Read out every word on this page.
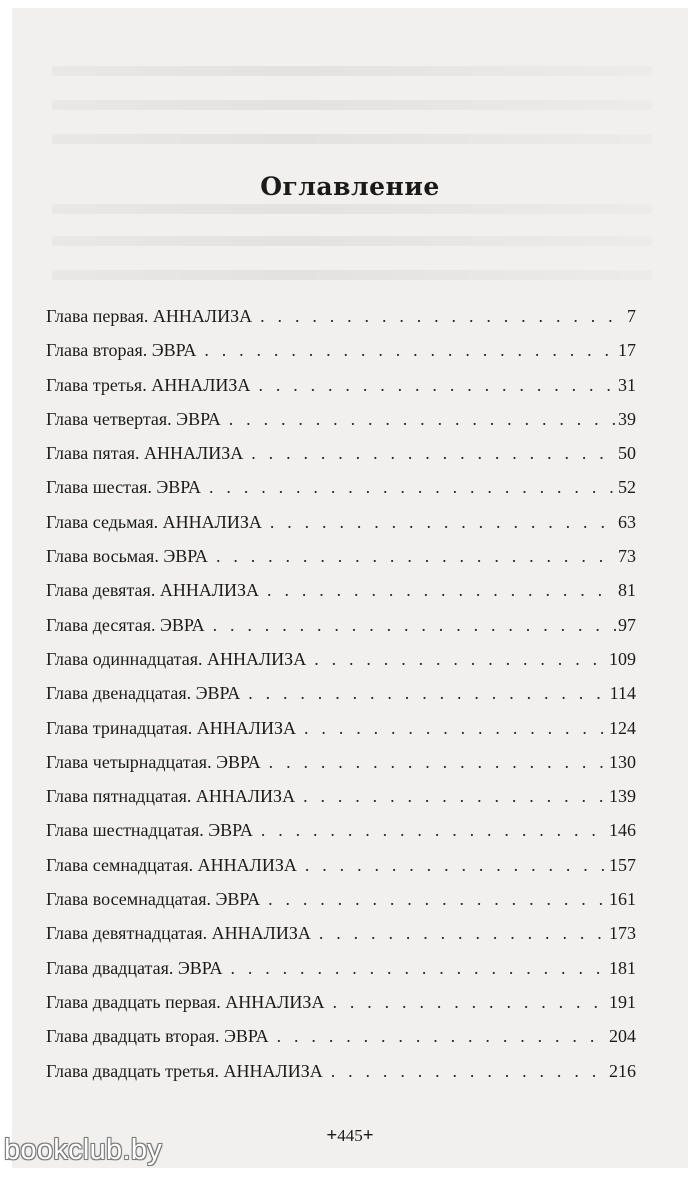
Оглавление
Глава первая. АННАЛИЗА . . .	7
Глава вторая. ЭВРА . . .	17
Глава третья. АННАЛИЗА . . .	31
Глава четвертая. ЭВРА . . .	39
Глава пятая. АННАЛИЗА . . .	50
Глава шестая. ЭВРА . . .	52
Глава седьмая. АННАЛИЗА . . .	63
Глава восьмая. ЭВРА . . .	73
Глава девятая. АННАЛИЗА . . .	81
Глава десятая. ЭВРА . . .	97
Глава одиннадцатая. АННАЛИЗА . . .	109
Глава двенадцатая. ЭВРА . . .	114
Глава тринадцатая. АННАЛИЗА . . .	124
Глава четырнадцатая. ЭВРА . . .	130
Глава пятнадцатая. АННАЛИЗА . . .	139
Глава шестнадцатая. ЭВРА . . .	146
Глава семнадцатая. АННАЛИЗА . . .	157
Глава восемнадцатая. ЭВРА . . .	161
Глава девятнадцатая. АННАЛИЗА . . .	173
Глава двадцатая. ЭВРА . . .	181
Глава двадцать первая. АННАЛИЗА . . .	191
Глава двадцать вторая. ЭВРА . . .	204
Глава двадцать третья. АННАЛИЗА . . .	216
+445+
bookclub.by
